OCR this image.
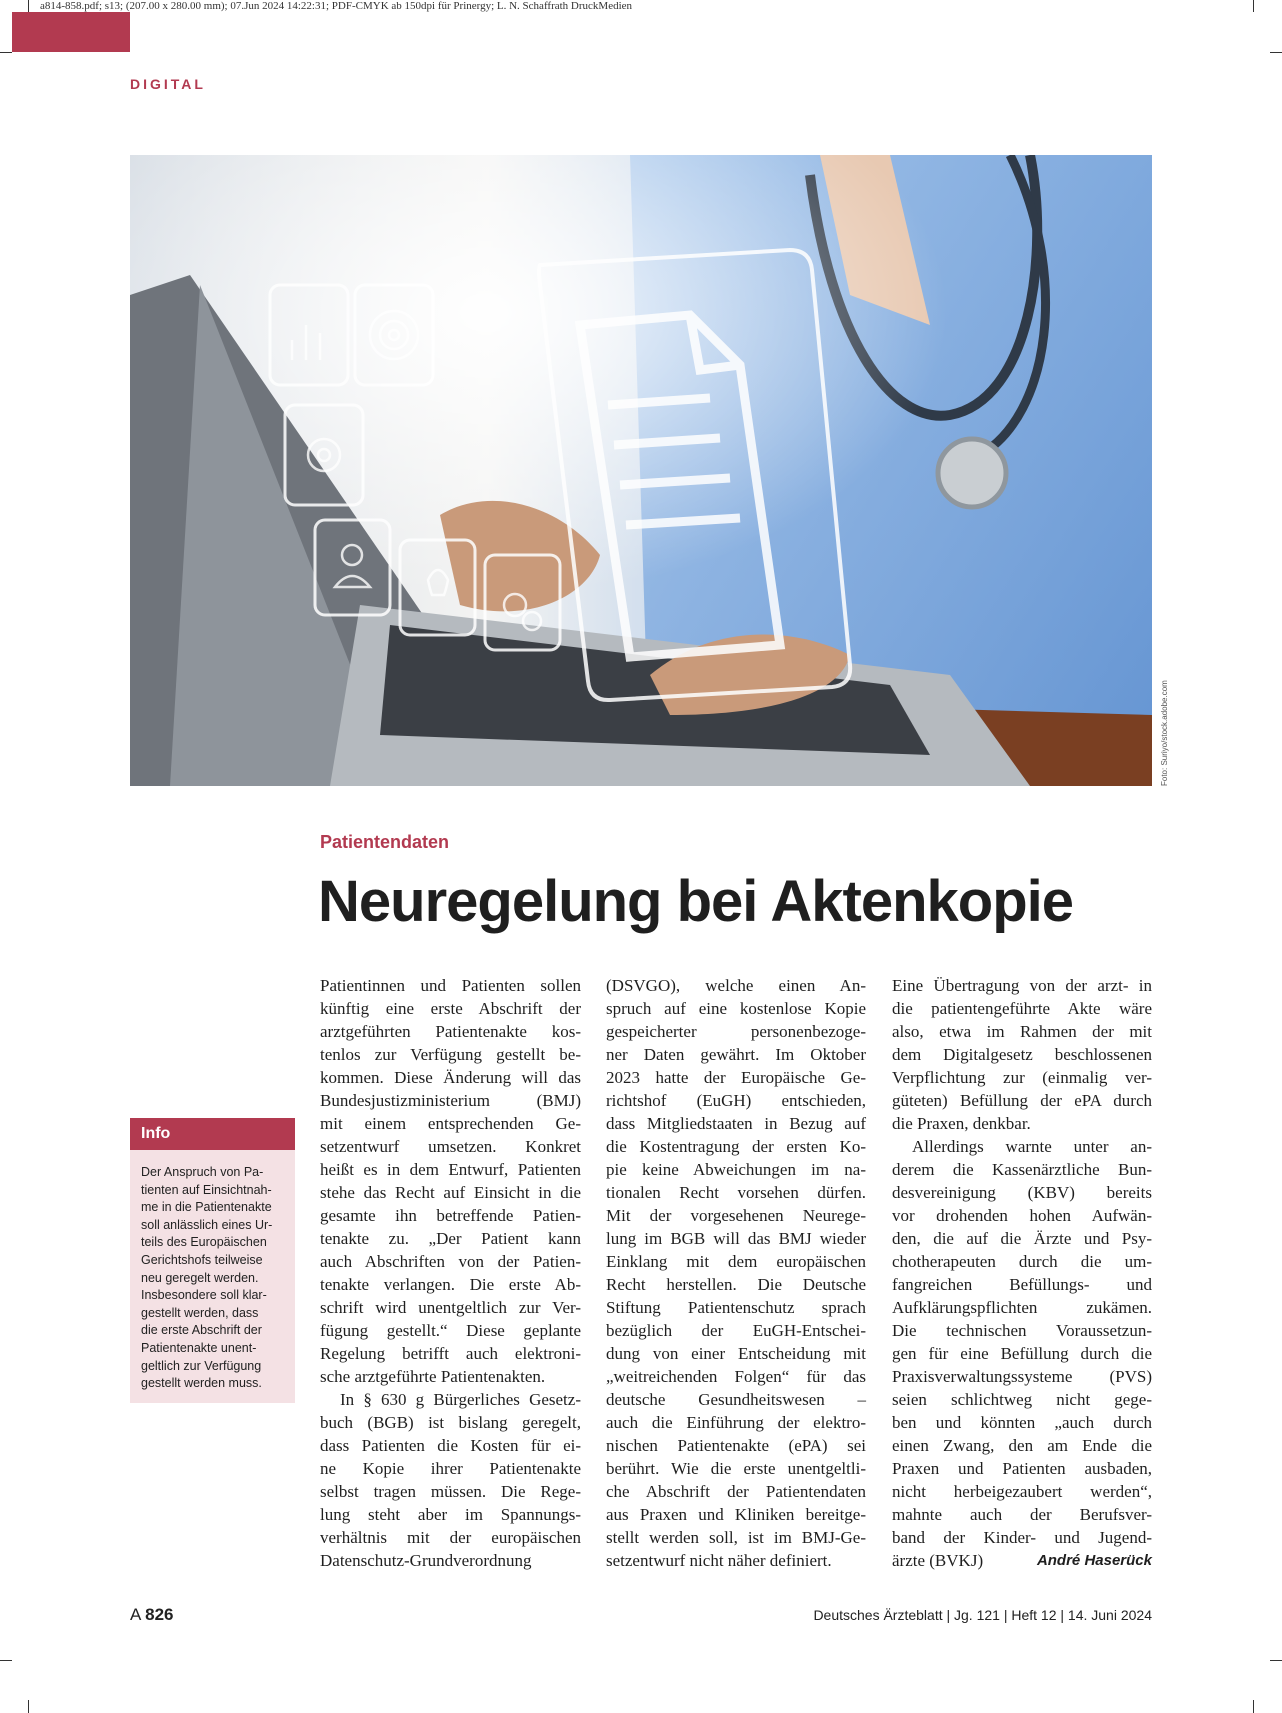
a814-858.pdf; s13; (207.00 x 280.00 mm); 07.Jun 2024 14:22:31; PDF-CMYK ab 150dpi für Prinergy; L. N. Schaffrath DruckMedien
DIGITAL
Foto: Suriyo/stock.adobe.com
Patientendaten
Neuregelung bei Aktenkopie
Info
Der Anspruch von Pa-
tienten auf Einsichtnah-
me in die Patientenakte
soll anlässlich eines Ur-
teils des Europäischen
Gerichtshofs teilweise
neu geregelt werden.
Insbesondere soll klar-
gestellt werden, dass
die erste Abschrift der
Patientenakte unent-
geltlich zur Verfügung
gestellt werden muss.

Patientinnen und Patienten sollen
künftig eine erste Abschrift der
arztgeführten Patientenakte kos-
tenlos zur Verfügung gestellt be-
kommen. Diese Änderung will das
Bundesjustizministerium (BMJ)
mit einem entsprechenden Ge-
setzentwurf umsetzen. Konkret
heißt es in dem Entwurf, Patienten
stehe das Recht auf Einsicht in die
gesamte ihn betreffende Patien-
tenakte zu. „Der Patient kann
auch Abschriften von der Patien-
tenakte verlangen. Die erste Ab-
schrift wird unentgeltlich zur Ver-
fügung gestellt.“ Diese geplante
Regelung betrifft auch elektroni-
sche arztgeführte Patientenakten.

In § 630 g Bürgerliches Gesetz-
buch (BGB) ist bislang geregelt,
dass Patienten die Kosten für ei-
ne Kopie ihrer Patientenakte
selbst tragen müssen. Die Rege-
lung steht aber im Spannungs-
verhältnis mit der europäischen
Datenschutz-Grundverordnung

(DSVGO), welche einen An-
spruch auf eine kostenlose Kopie
gespeicherter personenbezoge-
ner Daten gewährt. Im Oktober
2023 hatte der Europäische Ge-
richtshof (EuGH) entschieden,
dass Mitgliedstaaten in Bezug auf
die Kostentragung der ersten Ko-
pie keine Abweichungen im na-
tionalen Recht vorsehen dürfen.
Mit der vorgesehenen Neurege-
lung im BGB will das BMJ wieder
Einklang mit dem europäischen
Recht herstellen. Die Deutsche
Stiftung Patientenschutz sprach
bezüglich der EuGH-Entschei-
dung von einer Entscheidung mit
„weitreichenden Folgen“ für das
deutsche Gesundheitswesen –
auch die Einführung der elektro-
nischen Patientenakte (ePA) sei
berührt. Wie die erste unentgeltli-
che Abschrift der Patientendaten
aus Praxen und Kliniken bereitge-
stellt werden soll, ist im BMJ-Ge-
setzentwurf nicht näher definiert.

Eine Übertragung von der arzt- in
die patientengeführte Akte wäre
also, etwa im Rahmen der mit
dem Digitalgesetz beschlossenen
Verpflichtung zur (einmalig ver-
güteten) Befüllung der ePA durch
die Praxen, denkbar.

Allerdings warnte unter an-
derem die Kassenärztliche Bun-
desvereinigung (KBV) bereits
vor drohenden hohen Aufwän-
den, die auf die Ärzte und Psy-
chotherapeuten durch die um-
fangreichen Befüllungs- und
Aufklärungspflichten zukämen.
Die technischen Voraussetzun-
gen für eine Befüllung durch die
Praxisverwaltungssysteme (PVS)
seien schlichtweg nicht gege-
ben und könnten „auch durch
einen Zwang, den am Ende die
Praxen und Patienten ausbaden,
nicht herbeigezaubert werden“,
mahnte auch der Berufsver-
band der Kinder- und Jugend-
ärzte (BVKJ)	André Haserück

A 826	Deutsches Ärzteblatt | Jg. 121 | Heft 12 | 14. Juni 2024
